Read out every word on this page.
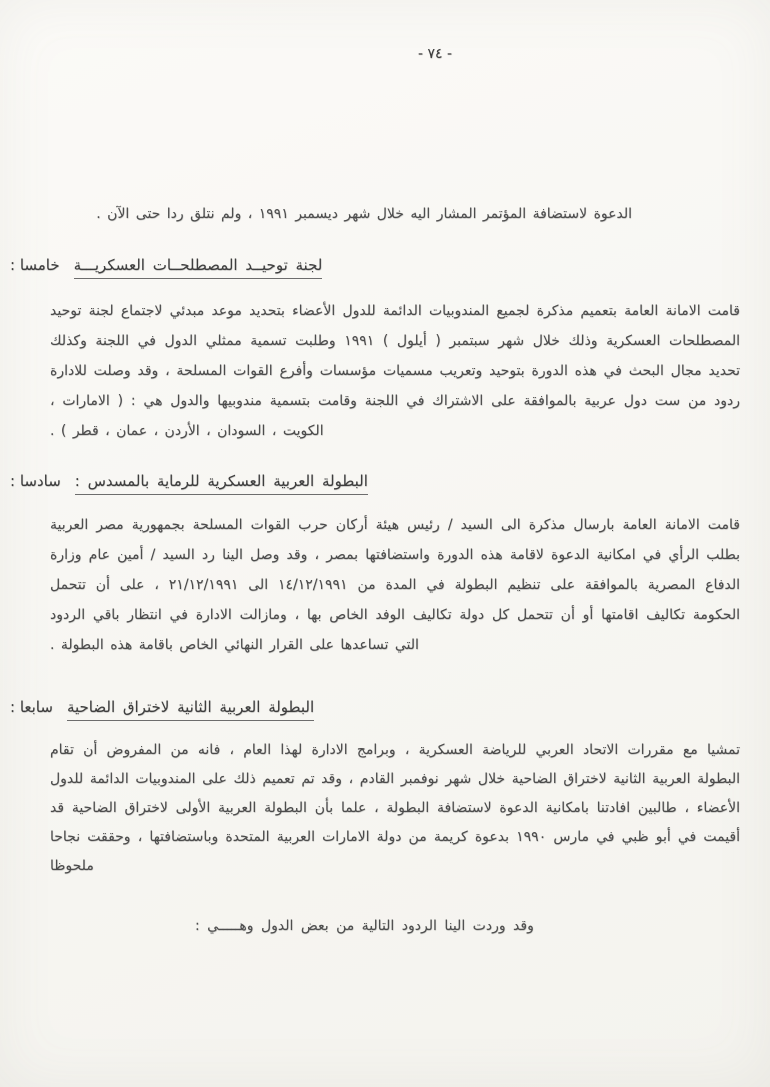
- ٧٤ -
الدعوة لاستضافة المؤتمر المشار اليه خلال شهر ديسمبر ١٩٩١ ، ولم نتلق ردا حتى الآن .
خامسا : لجنة توحيــد المصطلحــات العسكريـــة

قامت الامانة العامة بتعميم مذكرة لجميع المندوبيات الدائمة للدول الأعضاء بتحديد موعد مبدئي لاجتماع لجنة توحيد المصطلحات العسكرية وذلك خلال شهر سبتمبر ( أيلول ) ١٩٩١ وطلبت تسمية ممثلي الدول في اللجنة وكذلك تحديد مجال البحث في هذه الدورة بتوحيد وتعريب مسميات مؤسسات وأفرع القوات المسلحة ، وقد وصلت للادارة ردود من ست دول عربية بالموافقة على الاشتراك في اللجنة وقامت بتسمية مندوبيها والدول هي : ( الامارات ، الكويت ، السودان ، الأردن ، عمان ، قطر ) .

سادسا : البطولة العربية العسكرية للرماية بالمسدس :

قامت الامانة العامة بارسال مذكرة الى السيد / رئيس هيئة أركان حرب القوات المسلحة بجمهورية مصر العربية بطلب الرأي في امكانية الدعوة لاقامة هذه الدورة واستضافتها بمصر ، وقد وصل الينا رد السيد / أمين عام وزارة الدفاع المصرية بالموافقة على تنظيم البطولة في المدة من ١٤/١٢/١٩٩١ الى ٢١/١٢/١٩٩١ ، على أن تتحمل الحكومة تكاليف اقامتها أو أن تتحمل كل دولة تكاليف الوفد الخاص بها ، ومازالت الادارة في انتظار باقي الردود التي تساعدها على القرار النهائي الخاص باقامة هذه البطولة .

سابعا : البطولة العربية الثانية لاختراق الضاحية

تمشيا مع مقررات الاتحاد العربي للرياضة العسكرية ، وبرامج الادارة لهذا العام ، فانه من المفروض أن تقام البطولة العربية الثانية لاختراق الضاحية خلال شهر نوفمبر القادم ، وقد تم تعميم ذلك على المندوبيات الدائمة للدول الأعضاء ، طالبين افادتنا بامكانية الدعوة لاستضافة البطولة ، علما بأن البطولة العربية الأولى لاختراق الضاحية قد أقيمت في أبو ظبي في مارس ١٩٩٠ بدعوة كريمة من دولة الامارات العربية المتحدة وباستضافتها ، وحققت نجاحا ملحوظا

وقد وردت الينا الردود التالية من بعض الدول وهـــــي :
